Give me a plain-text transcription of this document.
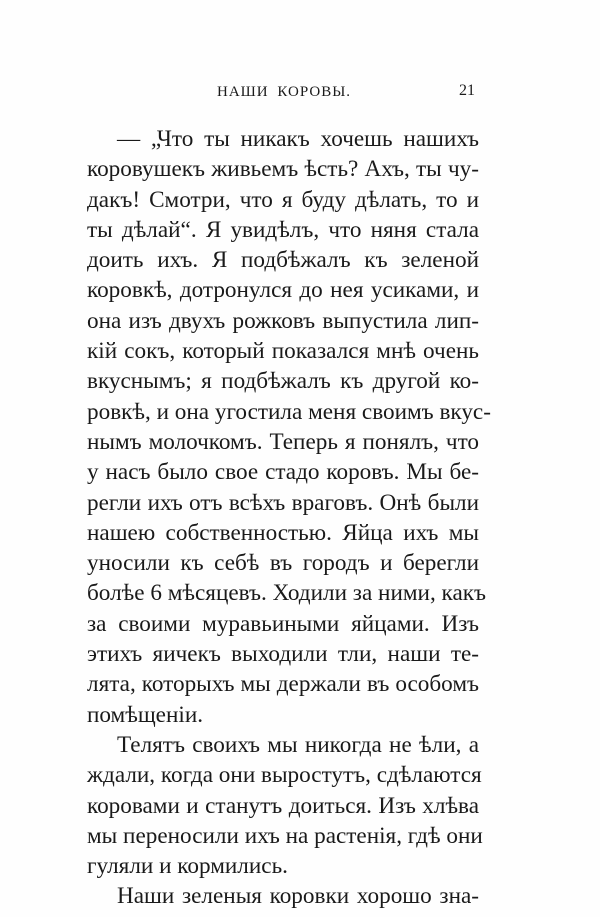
НАШИ КОРОВЫ.	21
— „Что ты никакъ хочешь нашихъ
коровушекъ живьемъ ѣсть? Ахъ, ты чу-
дакъ! Смотри, что я буду дѣлать, то и
ты дѣлай“. Я увидѣлъ, что няня стала
доить ихъ. Я подбѣжалъ къ зеленой
коровкѣ, дотронулся до нея усиками, и
она изъ двухъ рожковъ выпустила лип-
кій сокъ, который показался мнѣ очень
вкуснымъ; я подбѣжалъ къ другой ко-
ровкѣ, и она угостила меня своимъ вкус-
нымъ молочкомъ. Теперь я понялъ, что
у насъ было свое стадо коровъ. Мы бе-
регли ихъ отъ всѣхъ враговъ. Онѣ были
нашею собственностью. Яйца ихъ мы
уносили къ себѣ въ городъ и берегли
болѣе 6 мѣсяцевъ. Ходили за ними, какъ
за своими муравьиными яйцами. Изъ
этихъ яичекъ выходили тли, наши те-
лята, которыхъ мы держали въ особомъ
помѣщеніи.
Телятъ своихъ мы никогда не ѣли, а
ждали, когда они выростутъ, сдѣлаются
коровами и станутъ доиться. Изъ хлѣва
мы переносили ихъ на растенія, гдѣ они
гуляли и кормились.
Наши зеленыя коровки хорошо зна-
